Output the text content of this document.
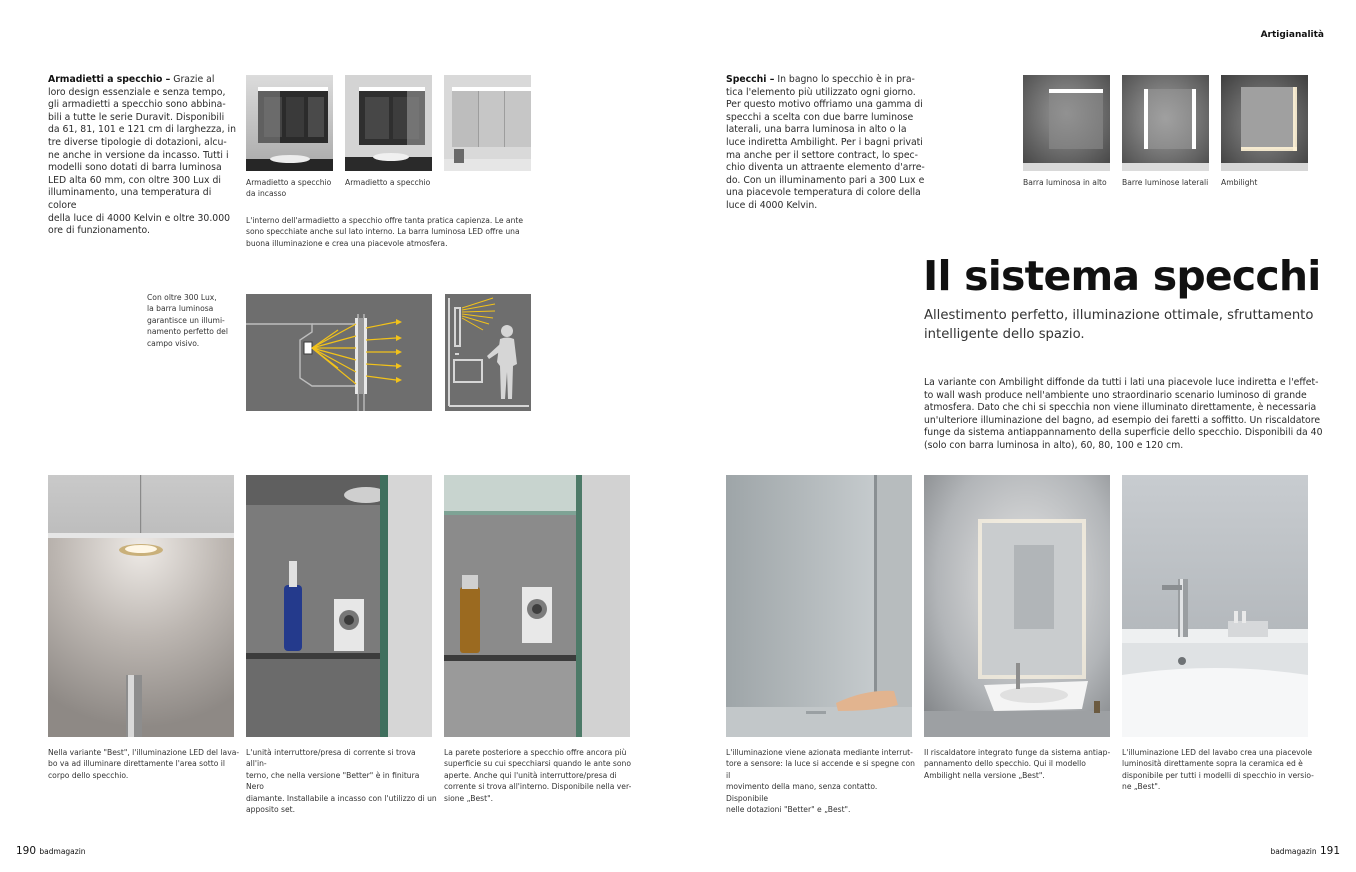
Artigianalità
Armadietti a specchio – Grazie al
loro design essenziale e senza tempo,
gli armadietti a specchio sono abbina-
bili a tutte le serie Duravit. Disponibili
da 61, 81, 101 e 121 cm di larghezza, in
tre diverse tipologie di dotazioni, alcu-
ne anche in versione da incasso. Tutti i
modelli sono dotati di barra luminosa
LED alta 60 mm, con oltre 300 Lux di
illuminamento, una temperatura di colore
della luce di 4000 Kelvin e oltre 30.000
ore di funzionamento.
Armadietto a specchio
da incasso
Armadietto a specchio
L'interno dell'armadietto a specchio offre tanta pratica capienza. Le ante
sono specchiate anche sul lato interno. La barra luminosa LED offre una
buona illuminazione e crea una piacevole atmosfera.
Con oltre 300 Lux,
la barra luminosa
garantisce un illumi-
namento perfetto del
campo visivo.
Nella variante "Best", l'illuminazione LED del lava-
bo va ad illuminare direttamente l'area sotto il
corpo dello specchio.
L'unità interruttore/presa di corrente si trova all'in-
terno, che nella versione "Better" è in finitura Nero
diamante. Installabile a incasso con l'utilizzo di un
apposito set.
La parete posteriore a specchio offre ancora più
superficie su cui specchiarsi quando le ante sono
aperte. Anche qui l'unità interruttore/presa di
corrente si trova all'interno. Disponibile nella ver-
sione „Best".
190 badmagazin
Specchi – In bagno lo specchio è in pra-
tica l'elemento più utilizzato ogni giorno.
Per questo motivo offriamo una gamma di
specchi a scelta con due barre luminose
laterali, una barra luminosa in alto o la
luce indiretta Ambilight. Per i bagni privati
ma anche per il settore contract, lo spec-
chio diventa un attraente elemento d'arre-
do. Con un illuminamento pari a 300 Lux e
una piacevole temperatura di colore della
luce di 4000 Kelvin.
Barra luminosa in alto	Barre luminose laterali	Ambilight
Il sistema specchi
Allestimento perfetto, illuminazione ottimale, sfruttamento
intelligente dello spazio.
La variante con Ambilight diffonde da tutti i lati una piacevole luce indiretta e l'effet-
to wall wash produce nell'ambiente uno straordinario scenario luminoso di grande
atmosfera. Dato che chi si specchia non viene illuminato direttamente, è necessaria
un'ulteriore illuminazione del bagno, ad esempio dei faretti a soffitto. Un riscaldatore
funge da sistema antiappannamento della superficie dello specchio. Disponibili da 40
(solo con barra luminosa in alto), 60, 80, 100 e 120 cm.
L'illuminazione viene azionata mediante interrut-
tore a sensore: la luce si accende e si spegne con il
movimento della mano, senza contatto. Disponibile
nelle dotazioni "Better" e „Best".
Il riscaldatore integrato funge da sistema antiap-
pannamento dello specchio. Qui il modello
Ambilight nella versione „Best".
L'illuminazione LED del lavabo crea una piacevole
luminosità direttamente sopra la ceramica ed è
disponibile per tutti i modelli di specchio in versio-
ne „Best".
badmagazin 191
